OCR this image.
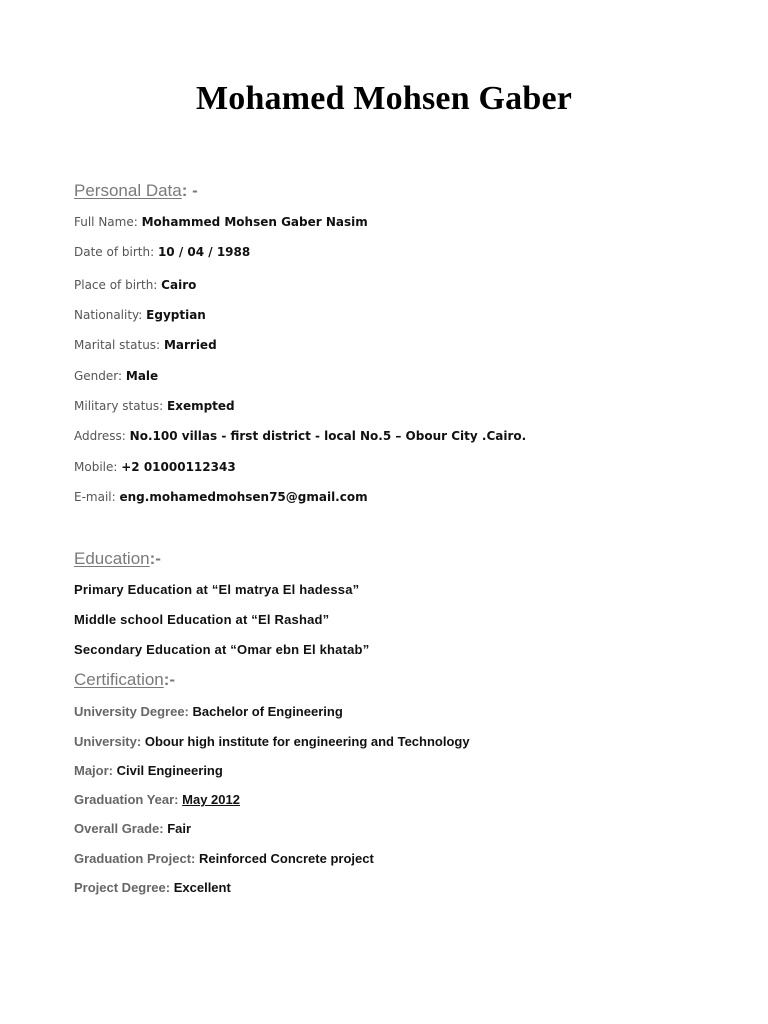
Mohamed Mohsen Gaber
Personal Data: -
Full Name: Mohammed Mohsen Gaber Nasim
Date of birth: 10 / 04 / 1988
Place of birth: Cairo
Nationality: Egyptian
Marital status: Married
Gender: Male
Military status: Exempted
Address: No.100 villas - first district - local No.5 – Obour City .Cairo.
Mobile: +2 01000112343
E-mail: eng.mohamedmohsen75@gmail.com
Education:-
Primary Education at “El matrya El hadessa”
Middle school Education at “El Rashad”
Secondary Education at “Omar ebn El khatab”
Certification:-
University Degree: Bachelor of Engineering
University: Obour high institute for engineering and Technology
Major: Civil Engineering
Graduation Year: May 2012
Overall Grade: Fair
Graduation Project: Reinforced Concrete project
Project Degree: Excellent
